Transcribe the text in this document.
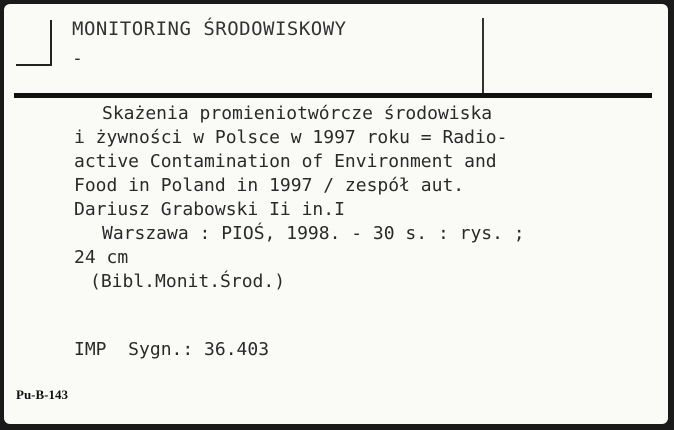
MONITORING ŚRODOWISKOWY
-
Skażenia promieniotwórcze środowiska
i żywności w Polsce w 1997 roku = Radio-
active Contamination of Environment and
Food in Poland in 1997 / zespół aut.
Dariusz Grabowski Ii in.I
Warszawa : PIOŚ, 1998. - 30 s. : rys. ;
24 cm
(Bibl.Monit.Środ.)
IMP  Sygn.: 36.403
Pu-B-143
